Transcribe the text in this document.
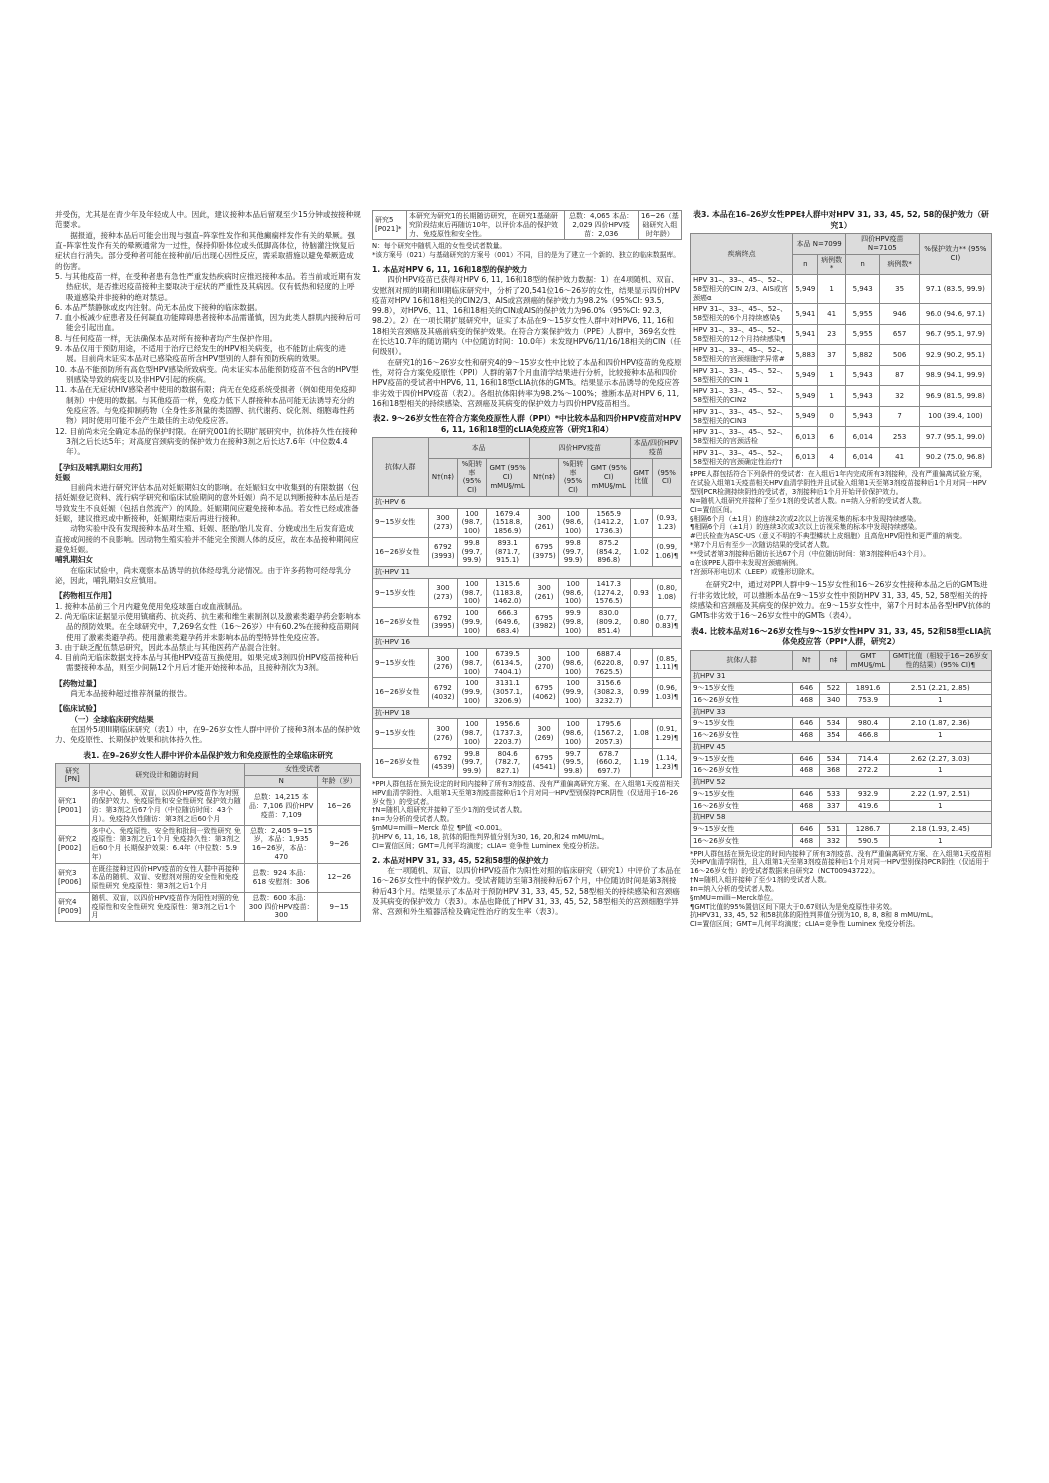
并受伤，尤其是在青少年及年轻成人中。因此，建议接种本品后留观至少15分钟或按接种规范要求。

据报道，接种本品后可能会出现与强直–阵挛性发作和其他癫痫样发作有关的晕厥。强直–阵挛性发作有关的晕厥通常为一过性，保持仰卧体位或头低脚高体位，待脑灌注恢复后症状自行消失。部分受种者可能在接种前/后出现心因性反应，需采取措施以避免晕厥造成的伤害。

5. 与其他疫苗一样，在受种者患有急性严重发热疾病时应推迟接种本品。若当前或近期有发热症状，是否推迟疫苗接种主要取决于症状的严重性及其病因。仅有低热和轻度的上呼吸道感染并非接种的绝对禁忌。

6. 本品严禁静脉或皮内注射。尚无本品皮下接种的临床数据。

7. 血小板减少症患者及任何凝血功能障碍患者接种本品需谨慎，因为此类人群肌内接种后可能会引起出血。

8. 与任何疫苗一样，无法确保本品对所有接种者均产生保护作用。

9. 本品仅用于预防用途，不适用于治疗已经发生的HPV相关病变，也不能防止病变的进展。目前尚未证实本品对已感染疫苗所含HPV型别的人群有预防疾病的效果。

10. 本品不能预防所有高危型HPV感染所致病变。尚未证实本品能预防疫苗不包含的HPV型别感染导致的病变以及非HPV引起的疾病。

11. 本品在无症状HIV感染者中使用的数据有限；尚无在免疫系统受损者（例如使用免疫抑制剂）中使用的数据。与其他疫苗一样，免疫力低下人群接种本品可能无法诱导充分的免疫应答。与免疫抑制药物（全身性多剂量的类固醇、抗代谢药、烷化剂、细胞毒性药物）同时使用可能不会产生最佳的主动免疫应答。

12. 目前尚未完全确定本品的保护时限。在研究001的长期扩展研究中，抗体持久性在接种3剂之后长达5年；对高度宫颈病变的保护效力在接种3剂之后长达7.6年（中位数4.4年）。

【孕妇及哺乳期妇女用药】

妊娠

目前尚未进行研究评估本品对妊娠期妇女的影响。在妊娠妇女中收集到的有限数据（包括妊娠登记资料、流行病学研究和临床试验期间的意外妊娠）尚不足以判断接种本品后是否导致发生不良妊娠（包括自然流产）的风险。妊娠期间应避免接种本品。若女性已经或准备妊娠，建议推迟或中断接种，妊娠期结束后再进行接种。

动物实验中没有发现接种本品对生殖、妊娠、胚胎/胎儿发育、分娩或出生后发育造成直接或间接的不良影响。因动物生殖实验并不能完全预测人体的反应，故在本品接种期间应避免妊娠。

哺乳期妇女

在临床试验中，尚未观察本品诱导的抗体经母乳分泌情况。由于许多药物可经母乳分泌，因此，哺乳期妇女应慎用。

【药物相互作用】

1. 接种本品前三个月内避免使用免疫球蛋白或血液制品。

2. 尚无临床证据显示使用镇痛药、抗炎药、抗生素和维生素制剂以及激素类避孕药会影响本品的预防效果。在全球研究中，7,269名女性（16～26岁）中有60.2%在接种疫苗期间使用了激素类避孕药。使用激素类避孕药并未影响本品的型特异性免疫应答。

3. 由于缺乏配伍禁忌研究，因此本品禁止与其他医药产品混合注射。

4. 目前尚无临床数据支持本品与其他HPV疫苗互换使用。如果完成3剂四价HPV疫苗接种后需要接种本品，则至少间隔12个月后才能开始接种本品，且接种剂次为3剂。

【药物过量】

尚无本品接种超过推荐剂量的报告。

【临床试验】

（一）全球临床研究结果

在国外5项III期临床研究（表1）中，在9–26岁女性人群中评价了接种3剂本品的保护效力、免疫原性、长期保护效果和抗体持久性。

表1. 在9–26岁女性人群中评价本品保护效力和免疫原性的全球临床研究

研究 [PN]	研究设计和随访时间	女性受试者	
		N	年龄（岁）
研究1 [P001]	多中心、随机、双盲，以四价HPV疫苗作为对照的保护效力、免疫原性和安全性研究 保护效力随访：第3剂之后67个月（中位随访时间：43个月）。免疫持久性随访：第3剂之后60个月	总数：14,215 本品：7,106 四价HPV疫苗：7,109	16~26
研究2 [P002]	多中心、免疫原性、安全性和批间一致性研究 免疫原性：第3剂之后1个月 免疫持久性：第3剂之后60个月 长期保护效果：6.4年（中位数：5.9年）	总数：2,405 9~15岁，本品：1,935 16~26岁，本品：470	9~26
研究3 [P006]	在既往接种过四价HPV疫苗的女性人群中再接种本品的随机、双盲、安慰剂对照的安全性和免疫原性研究 免疫原性：第3剂之后1个月	总数：924 本品：618 安慰剂：306	12~26
研究4 [P009]	随机、双盲，以四价HPV疫苗作为阳性对照的免疫原性和安全性研究 免疫原性：第3剂之后1个月	总数：600 本品：300 四价HPV疫苗：300	9~15
研究5 [P021]*	本研究为研究1的长期随访研究，在研究1基础研究阶段结束后再随访10年，以评价本品的保护效力、免疫原性和安全性。	总数：4,065 本品：2,029 四价HPV疫苗：2,036	16~26（基础研究入组时年龄）

N：每个研究中随机入组的女性受试者数量。

*该方案号（021）与基础研究的方案号（001）不同，目的是为了建立一个新的、独立的临床数据库。

1. 本品对HPV 6, 11, 16和18型的保护效力

四价HPV疫苗已获得对HPV 6, 11, 16和18型的保护效力数据：1）在4项随机、双盲、安慰剂对照的II期和III期临床研究中，分析了20,541位16～26岁的女性，结果显示四价HPV疫苗对HPV 16和18相关的CIN2/3、AIS或宫颈癌的保护效力为98.2%（95%CI: 93.5, 99.8），对HPV6、11、16和18相关的CIN或AIS的保护效力为96.0%（95%CI: 92.3, 98.2）。2）在一项长期扩展研究中，证实了本品在9～15岁女性人群中对HPV6, 11, 16和18相关宫颈癌及其癌前病变的保护效果。在符合方案保护效力（PPE）人群中，369名女性在长达10.7年的随访期内（中位随访时间：10.0年）未发现HPV6/11/16/18相关的CIN（任何级别）。

在研究1的16～26岁女性和研究4的9～15岁女性中比较了本品和四价HPV疫苗的免疫原性，对符合方案免疫原性（PPI）人群的第7个月血清学结果进行分析，比较接种本品和四价HPV疫苗的受试者中HPV6, 11, 16和18型cLIA抗体的GMTs。结果显示本品诱导的免疫应答非劣效于四价HPV疫苗（表2）。各组抗体阳转率为98.2%～100%；推断本品对HPV 6, 11, 16和18型相关的持续感染、宫颈癌及其病变的保护效力与四价HPV疫苗相当。

表2. 9～26岁女性在符合方案免疫原性人群（PPI）*中比较本品和四价HPV疫苗对HPV 6, 11, 16和18型的cLIA免疫应答（研究1和4）

抗体/人群	本品			四价HPV疫苗			本品/四价HPV疫苗	
	N†(n‡)	%阳转率(95% CI)	GMT (95% CI) mMU§/mL	N†(n‡)	%阳转率(95% CI)	GMT (95% CI) mMU§/mL	GMT比值	(95% CI)
抗-HPV 6								
9~15岁女性	300 (273)	100 (98.7, 100)	1679.4 (1518.8, 1856.9)	300 (261)	100 (98.6, 100)	1565.9 (1412.2, 1736.3)	1.07	(0.93, 1.23)
16~26岁女性	6792 (3993)	99.8 (99.7, 99.9)	893.1 (871.7, 915.1)	6795 (3975)	99.8 (99.7, 99.9)	875.2 (854.2, 896.8)	1.02	(0.99, 1.06)¶
抗-HPV 11								
9~15岁女性	300 (273)	100 (98.7, 100)	1315.6 (1183.8, 1462.0)	300 (261)	100 (98.6, 100)	1417.3 (1274.2, 1576.5)	0.93	(0.80, 1.08)
16~26岁女性	6792 (3995)	100 (99.9, 100)	666.3 (649.6, 683.4)	6795 (3982)	99.9 (99.8, 100)	830.0 (809.2, 851.4)	0.80	(0.77, 0.83)¶
抗-HPV 16								
9~15岁女性	300 (276)	100 (98.7, 100)	6739.5 (6134.5, 7404.1)	300 (270)	100 (98.6, 100)	6887.4 (6220.8, 7625.5)	0.97	(0.85, 1.11)¶
16~26岁女性	6792 (4032)	100 (99.9, 100)	3131.1 (3057.1, 3206.9)	6795 (4062)	100 (99.9, 100)	3156.6 (3082.3, 3232.7)	0.99	(0.96, 1.03)¶
抗-HPV 18								
9~15岁女性	300 (276)	100 (98.7, 100)	1956.6 (1737.3, 2203.7)	300 (269)	100 (98.6, 100)	1795.6 (1567.2, 2057.3)	1.08	(0.91, 1.29)¶
16~26岁女性	6792 (4539)	99.8 (99.7, 99.9)	804.6 (782.7, 827.1)	6795 (4541)	99.7 (99.5, 99.8)	678.7 (660.2, 697.7)	1.19	(1.14, 1.23)¶

*PPI人群包括在预先设定的时间内接种了所有3剂疫苗、没有严重偏离研究方案、在入组第1天疫苗相关HPV血清学阴性、入组第1天至第3剂疫苗接种后1个月对同一HPV型别保持PCR阴性（仅适用于16–26岁女性）的受试者。

†N=随机入组研究并接种了至少1剂的受试者人数。

‡n=为分析的受试者人数。

§mMU=milli−Merck 单位 ¶P值 <0.001。

抗HPV 6, 11, 16, 18, 抗体的阳性判界值分别为30, 16, 20,和24 mMU/mL。

CI=置信区间；GMT=几何平均滴度；cLIA= 竞争性 Luminex 免疫分析法。

2. 本品对HPV 31, 33, 45, 52和58型的保护效力

在一项随机、双盲、以四价HPV疫苗作为阳性对照的临床研究（研究1）中评价了本品在16～26岁女性中的保护效力。受试者随访至第3剂接种后67个月，中位随访时间是第3剂接种后43个月。结果显示了本品对于预防HPV 31, 33, 45, 52, 58型相关的持续感染和宫颈癌及其病变的保护效力（表3）。本品也降低了HPV 31, 33, 45, 52, 58型相关的宫颈细胞学异常、宫颈和外生殖器活检及确定性治疗的发生率（表3）。

表3. 本品在16–26岁女性PPE‡人群中对HPV 31, 33, 45, 52, 58的保护效力（研究1）

疾病终点	本品 N=7099		四价HPV疫苗 N=7105		%保护效力** (95% CI)
	n	病例数*	n	病例数*	
HPV 31–、33–、45–、52–、58型相关的CIN 2/3、AIS或宫颈癌α	5,949	1	5,943	35	97.1 (83.5, 99.9)
HPV 31–、33–、45–、52–、58型相关的6个月持续感染§	5,941	41	5,955	946	96.0 (94.6, 97.1)
HPV 31–、33–、45–、52–、58型相关的12个月持续感染¶	5,941	23	5,955	657	96.7 (95.1, 97.9)
HPV 31–、33–、45–、52–、58型相关的宫颈细胞学异常#	5,883	37	5,882	506	92.9 (90.2, 95.1)
HPV 31–、33–、45–、52–、58型相关的CIN 1	5,949	1	5,943	87	98.9 (94.1, 99.9)
HPV 31–、33–、45–、52–、58型相关的CIN2	5,949	1	5,943	32	96.9 (81.5, 99.8)
HPV 31–、33–、45–、52–、58型相关的CIN3	5,949	0	5,943	7	100 (39.4, 100)
HPV 31–、33–、45–、52–、58型相关的宫颈活检	6,013	6	6,014	253	97.7 (95.1, 99.0)
HPV 31–、33–、45–、52–、58型相关的宫颈确定性治疗†	6,013	4	6,014	41	90.2 (75.0, 96.8)

‡PPE人群包括符合下列条件的受试者：在入组后1年内完成所有3剂接种，没有严重偏离试验方案，在试验入组第1天疫苗相关HPV血清学阴性并且试验入组第1天至第3剂疫苗接种后1个月对同一HPV型别PCR检测持续阴性的受试者，3剂接种后1个月开始评价保护效力。

N=随机入组研究并接种了至少1剂的受试者人数。n=纳入分析的受试者人数。

CI=置信区间。

§相隔6个月（±1月）的连续2次或2次以上访视采集的标本中发现持续感染。

¶相隔6个月（±1月）的连续3次或3次以上访视采集的标本中发现持续感染。

#巴氏检查为ASC-US（意义不明的不典型鳞状上皮细胞）且高危HPV阳性和更严重的病变。

*第7个月后有至少一次随访结果的受试者人数。

**受试者第3剂接种后随访长达67个月（中位随访时间：第3剂接种后43个月）。

α在该PPE人群中未发现宫颈癌病例。

†宫颈环形电切术（LEEP）或锥形切除术。

在研究2中，通过对PPI人群中9～15岁女性和16～26岁女性接种本品之后的GMTs进行非劣效比较，可以推断本品在9～15岁女性中预防HPV 31, 33, 45, 52, 58型相关的持续感染和宫颈癌及其病变的保护效力。在9～15岁女性中，第7个月时本品各型HPV抗体的GMTs非劣效于16～26岁女性中的GMTs（表4）。

表4. 比较本品对16～26岁女性与9～15岁女性HPV 31, 33, 45, 52和58型cLIA抗体免疫应答（PPI*人群，研究2）

抗体/人群	N†	n‡	GMT mMU§/mL	GMT比值（相较于16~26岁女性的结果）(95% CI)¶
抗HPV 31				
9～15岁女性	646	522	1891.6	2.51 (2.21, 2.85)
16～26岁女性	468	340	753.9	1
抗HPV 33				
9～15岁女性	646	534	980.4	2.10 (1.87, 2.36)
16～26岁女性	468	354	466.8	1
抗HPV 45				
9～15岁女性	646	534	714.4	2.62 (2.27, 3.03)
16～26岁女性	468	368	272.2	1
抗HPV 52				
9～15岁女性	646	533	932.9	2.22 (1.97, 2.51)
16～26岁女性	468	337	419.6	1
抗HPV 58				
9～15岁女性	646	531	1286.7	2.18 (1.93, 2.45)
16～26岁女性	468	332	590.5	1

*PPI人群包括在预先设定的时间内接种了所有3剂疫苗、没有严重偏离研究方案、在入组第1天疫苗相关HPV血清学阴性，且入组第1天至第3剂疫苗接种后1个月对同一HPV型别保持PCR阴性（仅适用于16～26岁女性）的受试者数据来自研究2（NCT00943722）。

†N=随机入组并接种了至少1剂的受试者人数。

‡n=纳入分析的受试者人数。

§mMU=milli−Merck单位。

¶GMT比值的95%置信区间下限大于0.67则认为是免疫原性非劣效。

抗HPV31, 33, 45, 52 和58抗体的阳性判界值分别为10, 8, 8, 8和 8 mMU/mL。

CI=置信区间；GMT=几何平均滴度；cLIA=竞争性 Luminex 免疫分析法。
